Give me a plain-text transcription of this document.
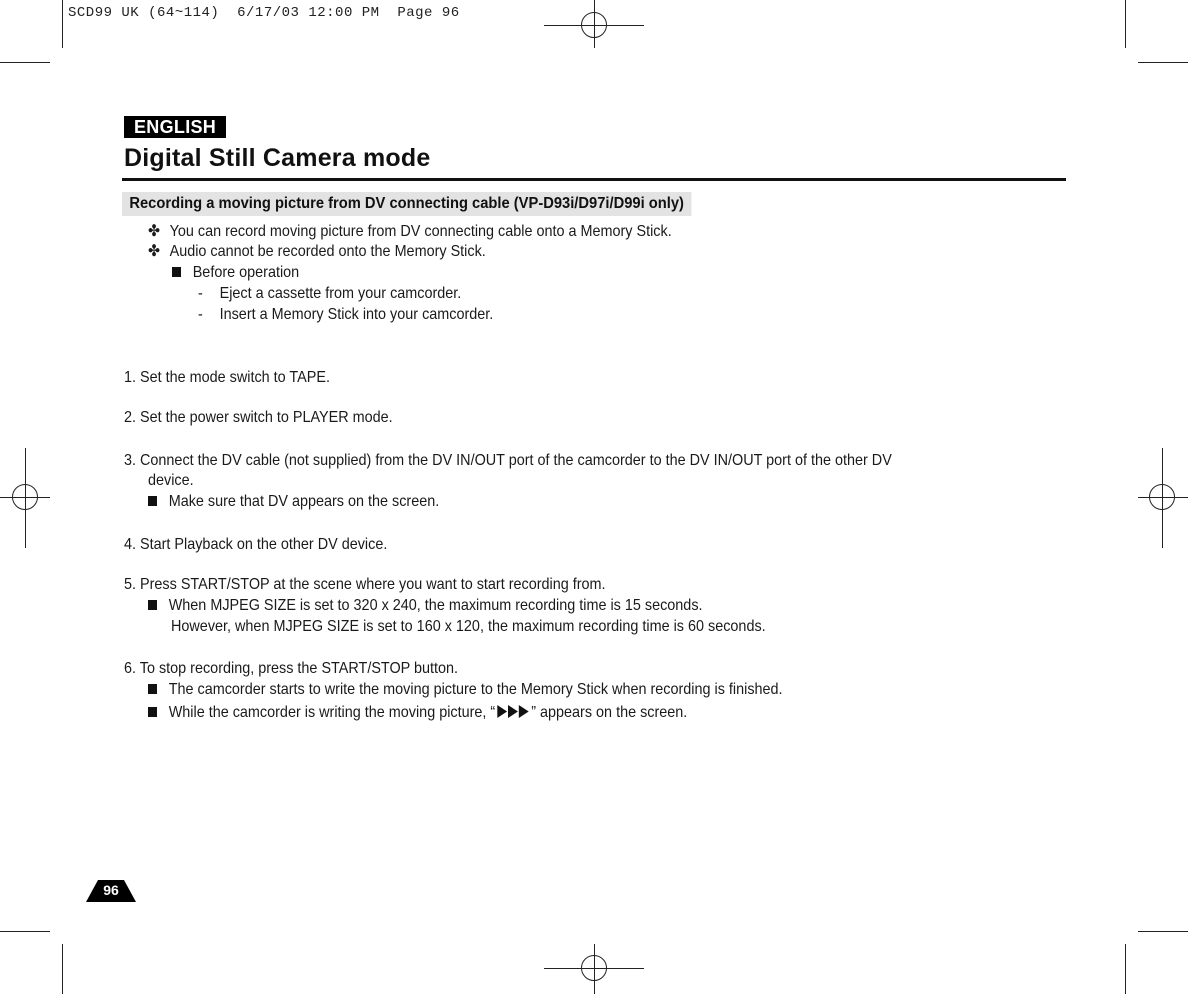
SCD99 UK (64~114)  6/17/03 12:00 PM  Page 96
ENGLISH
Digital Still Camera mode
Recording a moving picture from DV connecting cable (VP-D93i/D97i/D99i only)
✤ You can record moving picture from DV connecting cable onto a Memory Stick.
✤ Audio cannot be recorded onto the Memory Stick.
Before operation
- Eject a cassette from your camcorder.
- Insert a Memory Stick into your camcorder.
1. Set the mode switch to TAPE.
2. Set the power switch to PLAYER mode.
3. Connect the DV cable (not supplied) from the DV IN/OUT port of the camcorder to the DV IN/OUT port of the other DV
device.
Make sure that DV appears on the screen.
4. Start Playback on the other DV device.
5. Press START/STOP at the scene where you want to start recording from.
When MJPEG SIZE is set to 320 x 240, the maximum recording time is 15 seconds.
However, when MJPEG SIZE is set to 160 x 120, the maximum recording time is 60 seconds.
6. To stop recording, press the START/STOP button.
The camcorder starts to write the moving picture to the Memory Stick when recording is finished.
While the camcorder is writing the moving picture, “ ” appears on the screen.
96
